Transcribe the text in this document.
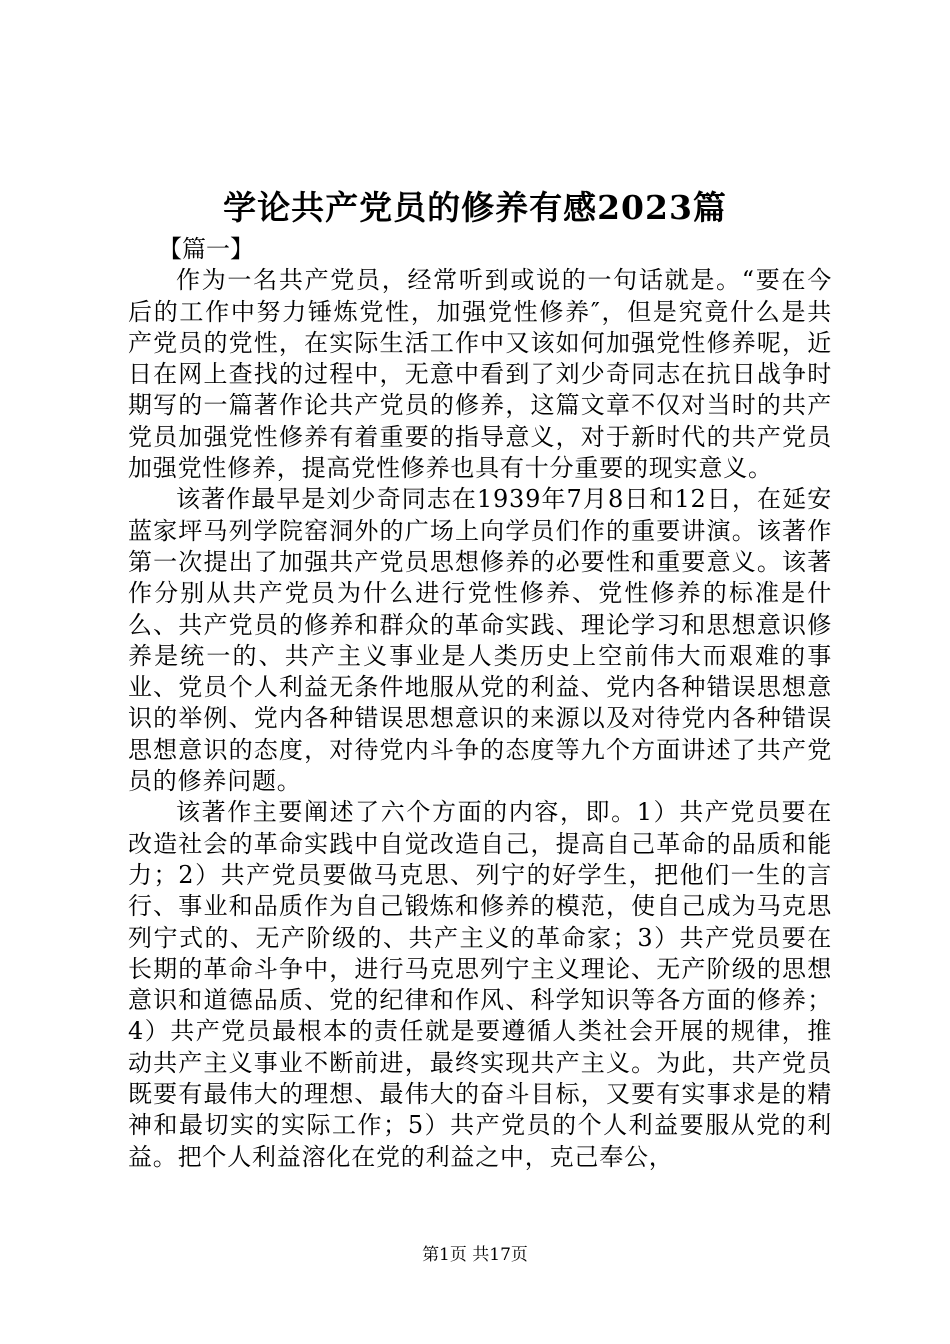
学论共产党员的修养有感2023篇

【篇一】

作为一名共产党员，经常听到或说的一句话就是。“要在今后的工作中努力锤炼党性，加强党性修养″，但是究竟什么是共产党员的党性，在实际生活工作中又该如何加强党性修养呢，近日在网上查找的过程中，无意中看到了刘少奇同志在抗日战争时期写的一篇著作论共产党员的修养，这篇文章不仅对当时的共产党员加强党性修养有着重要的指导意义，对于新时代的共产党员加强党性修养，提高党性修养也具有十分重要的现实意义。

该著作最早是刘少奇同志在1939年7月8日和12日，在延安蓝家坪马列学院窑洞外的广场上向学员们作的重要讲演。该著作第一次提出了加强共产党员思想修养的必要性和重要意义。该著作分别从共产党员为什么进行党性修养、党性修养的标准是什么、共产党员的修养和群众的革命实践、理论学习和思想意识修养是统一的、共产主义事业是人类历史上空前伟大而艰难的事业、党员个人利益无条件地服从党的利益、党内各种错误思想意识的举例、党内各种错误思想意识的来源以及对待党内各种错误思想意识的态度，对待党内斗争的态度等九个方面讲述了共产党员的修养问题。

该著作主要阐述了六个方面的内容，即。1）共产党员要在改造社会的革命实践中自觉改造自己，提高自己革命的品质和能力；2）共产党员要做马克思、列宁的好学生，把他们一生的言行、事业和品质作为自己锻炼和修养的模范，使自己成为马克思列宁式的、无产阶级的、共产主义的革命家；3）共产党员要在长期的革命斗争中，进行马克思列宁主义理论、无产阶级的思想意识和道德品质、党的纪律和作风、科学知识等各方面的修养；4）共产党员最根本的责任就是要遵循人类社会开展的规律，推动共产主义事业不断前进，最终实现共产主义。为此，共产党员既要有最伟大的理想、最伟大的奋斗目标，又要有实事求是的精神和最切实的实际工作；5）共产党员的个人利益要服从党的利益。把个人利益溶化在党的利益之中，克己奉公，

第1页 共17页
